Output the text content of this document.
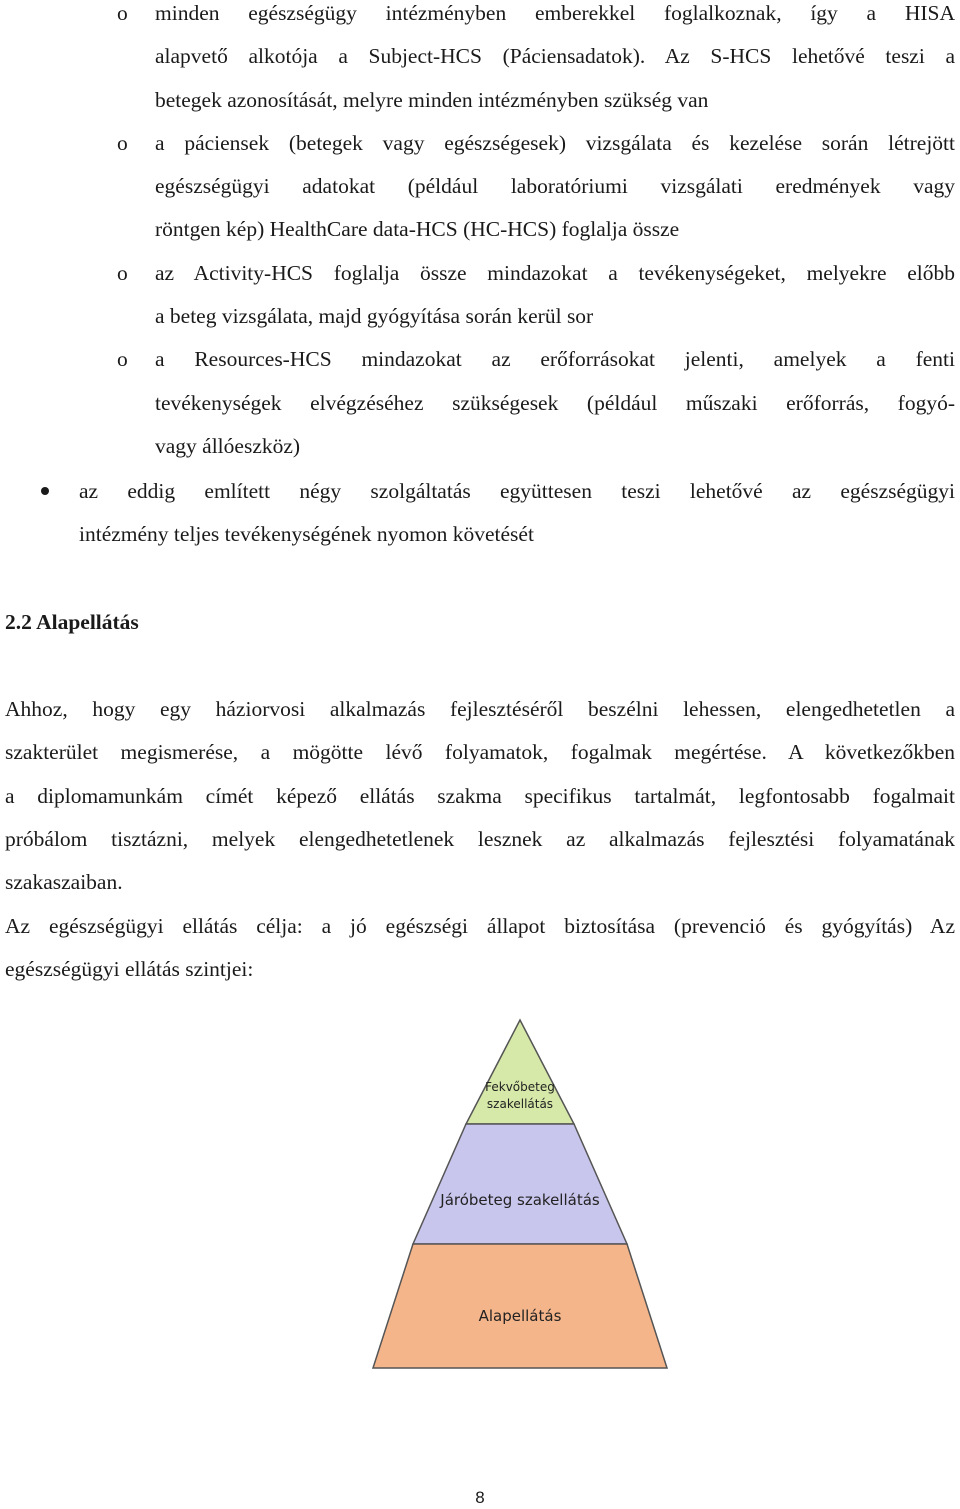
o minden egészségügy intézményben emberekkel foglalkoznak, így a HISA
alapvető alkotója a Subject-HCS (Páciensadatok). Az S-HCS lehetővé teszi a
betegek azonosítását, melyre minden intézményben szükség van
o a páciensek (betegek vagy egészségesek) vizsgálata és kezelése során létrejött
egészségügyi adatokat (például laboratóriumi vizsgálati eredmények vagy
röntgen kép) HealthCare data-HCS (HC-HCS) foglalja össze
o az Activity-HCS foglalja össze mindazokat a tevékenységeket, melyekre előbb
a beteg vizsgálata, majd gyógyítása során kerül sor
o a Resources-HCS mindazokat az erőforrásokat jelenti, amelyek a fenti
tevékenységek elvégzéséhez szükségesek (például műszaki erőforrás, fogyó-
vagy állóeszköz)
az eddig említett négy szolgáltatás együttesen teszi lehetővé az egészségügyi
intézmény teljes tevékenységének nyomon követését
2.2 Alapellátás
Ahhoz, hogy egy háziorvosi alkalmazás fejlesztéséről beszélni lehessen, elengedhetetlen a
szakterület megismerése, a mögötte lévő folyamatok, fogalmak megértése. A következőkben
a diplomamunkám címét képező ellátás szakma specifikus tartalmát, legfontosabb fogalmait
próbálom tisztázni, melyek elengedhetetlenek lesznek az alkalmazás fejlesztési folyamatának
szakaszaiban.
Az egészségügyi ellátás célja: a jó egészségi állapot biztosítása (prevenció és gyógyítás) Az
egészségügyi ellátás szintjei:
Fekvőbeteg
szakellátás
Járóbeteg szakellátás
Alapellátás
8
